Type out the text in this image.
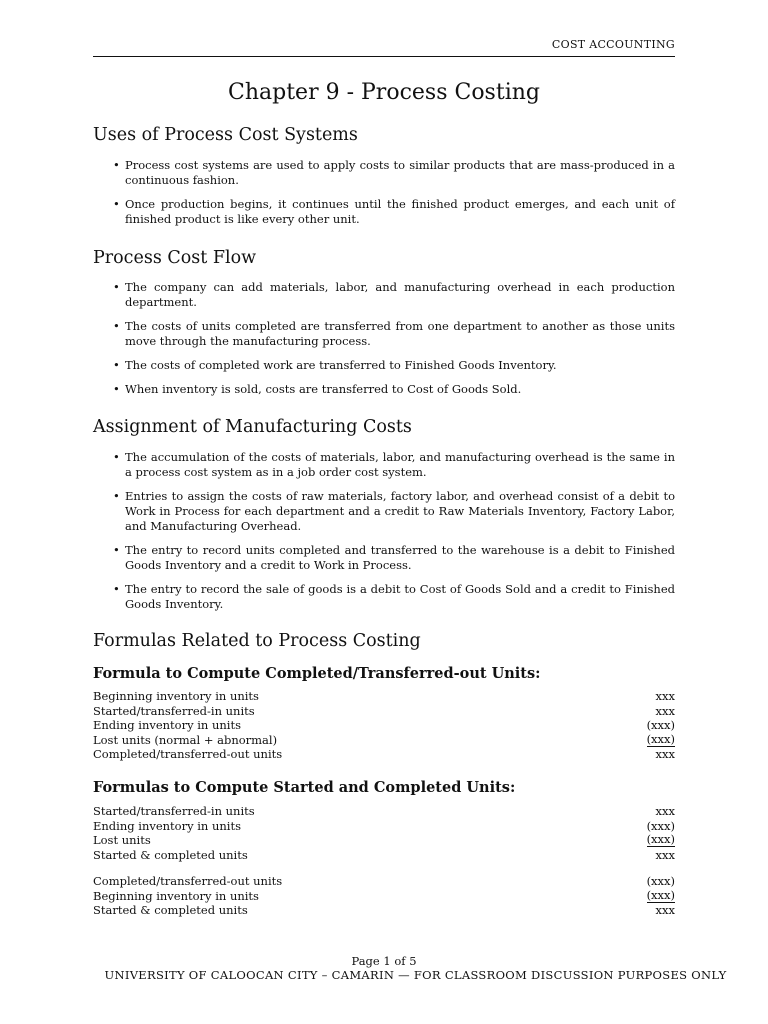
COST ACCOUNTING
Chapter 9 - Process Costing
Uses of Process Cost Systems
• Process cost systems are used to apply costs to similar products that are mass-produced in a continuous fashion.
• Once production begins, it continues until the finished product emerges, and each unit of finished product is like every other unit.
Process Cost Flow
• The company can add materials, labor, and manufacturing overhead in each production department.
• The costs of units completed are transferred from one department to another as those units move through the manufacturing process.
• The costs of completed work are transferred to Finished Goods Inventory.
• When inventory is sold, costs are transferred to Cost of Goods Sold.
Assignment of Manufacturing Costs
• The accumulation of the costs of materials, labor, and manufacturing overhead is the same in a process cost system as in a job order cost system.
• Entries to assign the costs of raw materials, factory labor, and overhead consist of a debit to Work in Process for each department and a credit to Raw Materials Inventory, Factory Labor, and Manufacturing Overhead.
• The entry to record units completed and transferred to the warehouse is a debit to Finished Goods Inventory and a credit to Work in Process.
• The entry to record the sale of goods is a debit to Cost of Goods Sold and a credit to Finished Goods Inventory.
Formulas Related to Process Costing
Formula to Compute Completed/Transferred-out Units:
Beginning inventory in units	xxx
Started/transferred-in units	xxx
Ending inventory in units	(xxx)
Lost units (normal + abnormal)	(xxx)
Completed/transferred-out units	xxx
Formulas to Compute Started and Completed Units:
Started/transferred-in units	xxx
Ending inventory in units	(xxx)
Lost units	(xxx)
Started & completed units	xxx
Completed/transferred-out units	(xxx)
Beginning inventory in units	(xxx)
Started & completed units	xxx
Page 1 of 5
UNIVERSITY OF CALOOCAN CITY – CAMARIN — FOR CLASSROOM DISCUSSION PURPOSES ONLY
